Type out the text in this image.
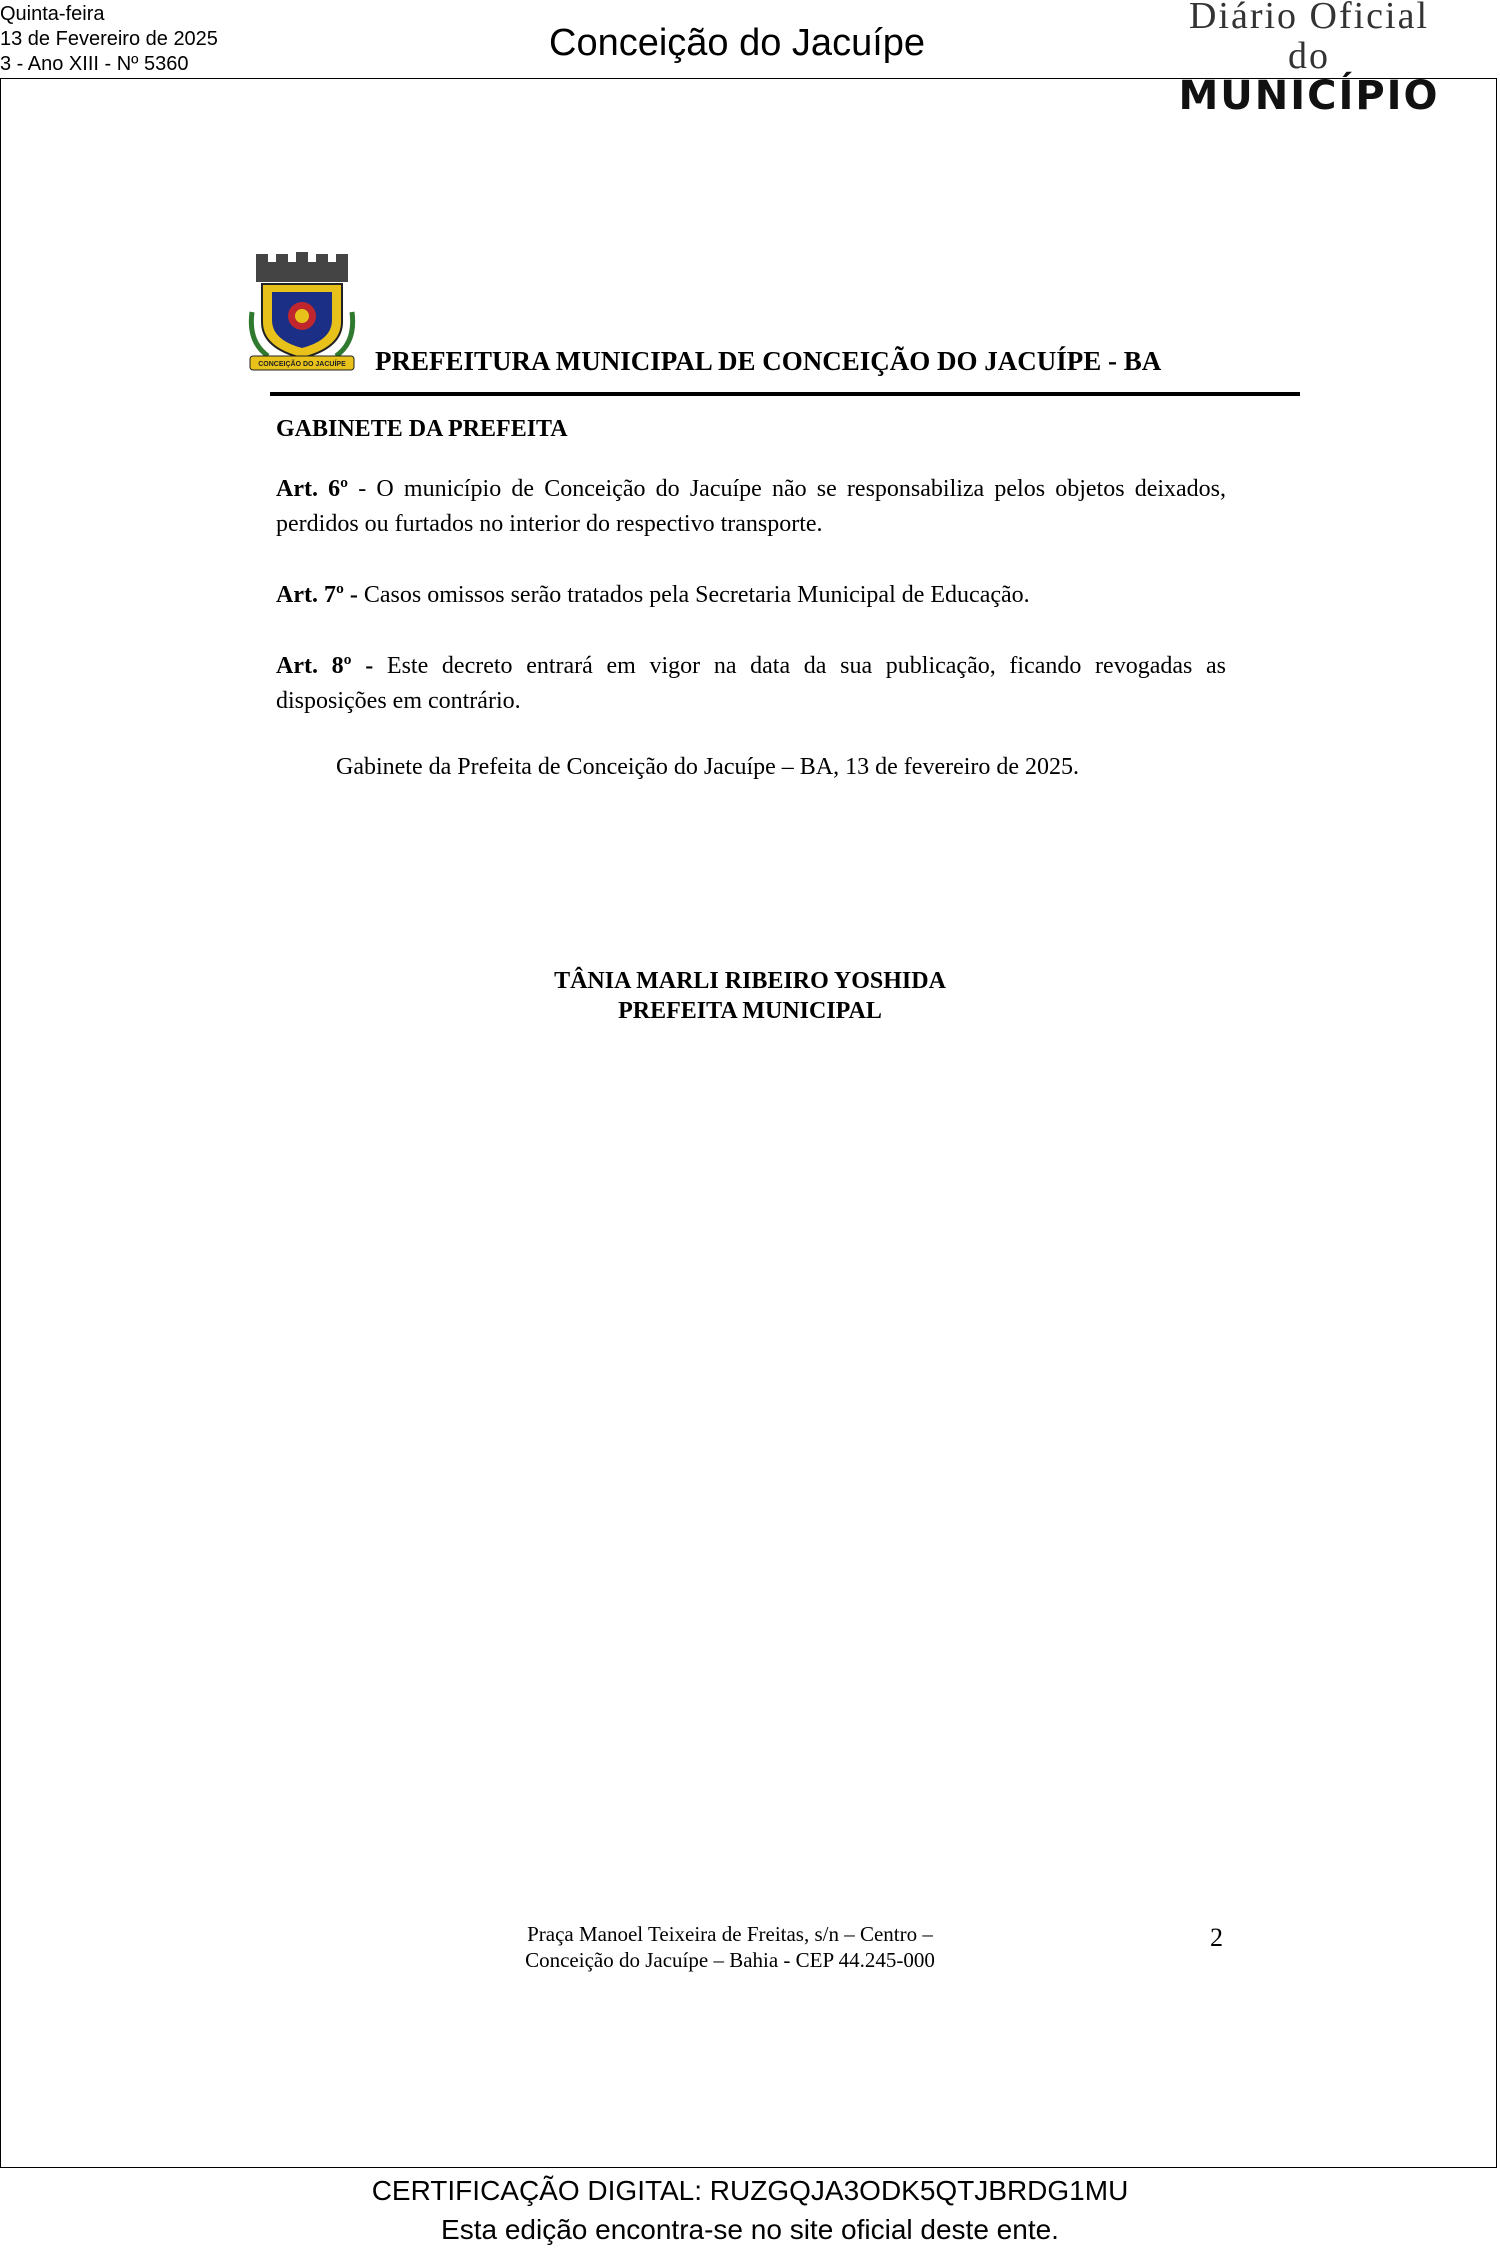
Quinta-feira
13 de Fevereiro de 2025
3 - Ano XIII - Nº 5360	Conceição do Jacuípe
Diário Oficial do
MUNICÍPIO
CONCEIÇÃO DO JACUÍPE PREFEITURA MUNICIPAL DE CONCEIÇÃO DO JACUÍPE - BA
GABINETE DA PREFEITA
Art. 6º - O município de Conceição do Jacuípe não se responsabiliza pelos objetos deixados, perdidos ou furtados no interior do respectivo transporte.
Art. 7º - Casos omissos serão tratados pela Secretaria Municipal de Educação.
Art. 8º - Este decreto entrará em vigor na data da sua publicação, ficando revogadas as disposições em contrário.
Gabinete da Prefeita de Conceição do Jacuípe – BA, 13 de fevereiro de 2025.
TÂNIA MARLI RIBEIRO YOSHIDA
PREFEITA MUNICIPAL
Praça Manoel Teixeira de Freitas, s/n – Centro –
Conceição do Jacuípe – Bahia - CEP 44.245-000
2
CERTIFICAÇÃO DIGITAL: RUZGQJA3ODK5QTJBRDG1MU
Esta edição encontra-se no site oficial deste ente.
